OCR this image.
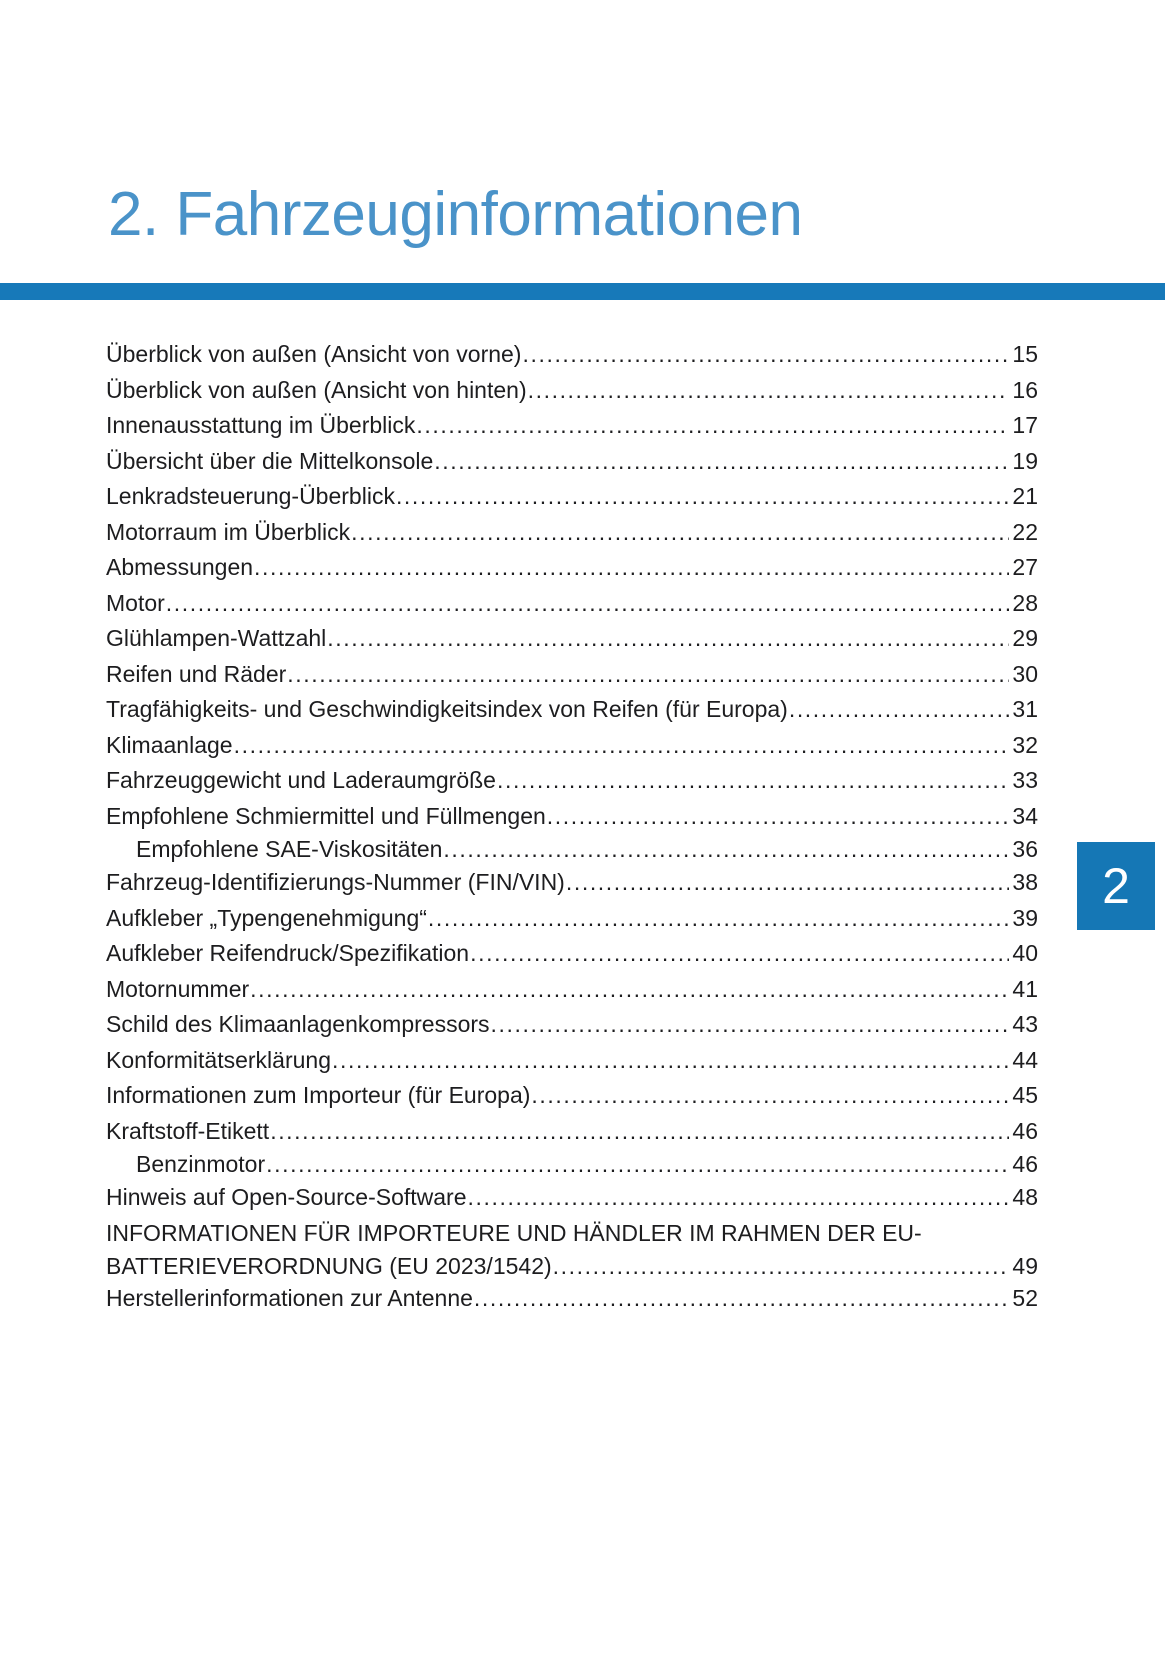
2. Fahrzeuginformationen
Überblick von außen (Ansicht von vorne) .....	15
Überblick von außen (Ansicht von hinten) .....	16
Innenausstattung im Überblick .....	17
Übersicht über die Mittelkonsole .....	19
Lenkradsteuerung-Überblick .....	21
Motorraum im Überblick .....	22
Abmessungen .....	27
Motor .....	28
Glühlampen-Wattzahl .....	29
Reifen und Räder .....	30
Tragfähigkeits- und Geschwindigkeitsindex von Reifen (für Europa) .....	31
Klimaanlage .....	32
Fahrzeuggewicht und Laderaumgröße .....	33
Empfohlene Schmiermittel und Füllmengen .....	34
Empfohlene SAE-Viskositäten .....	36
Fahrzeug-Identifizierungs-Nummer (FIN/VIN) .....	38
Aufkleber „Typengenehmigung“ .....	39
Aufkleber Reifendruck/Spezifikation .....	40
Motornummer .....	41
Schild des Klimaanlagenkompressors .....	43
Konformitätserklärung .....	44
Informationen zum Importeur (für Europa) .....	45
Kraftstoff-Etikett .....	46
Benzinmotor .....	46
Hinweis auf Open-Source-Software .....	48
INFORMATIONEN FÜR IMPORTEURE UND HÄNDLER IM RAHMEN DER EU-
BATTERIEVERORDNUNG (EU 2023/1542) .....	49
Herstellerinformationen zur Antenne .....	52
2
